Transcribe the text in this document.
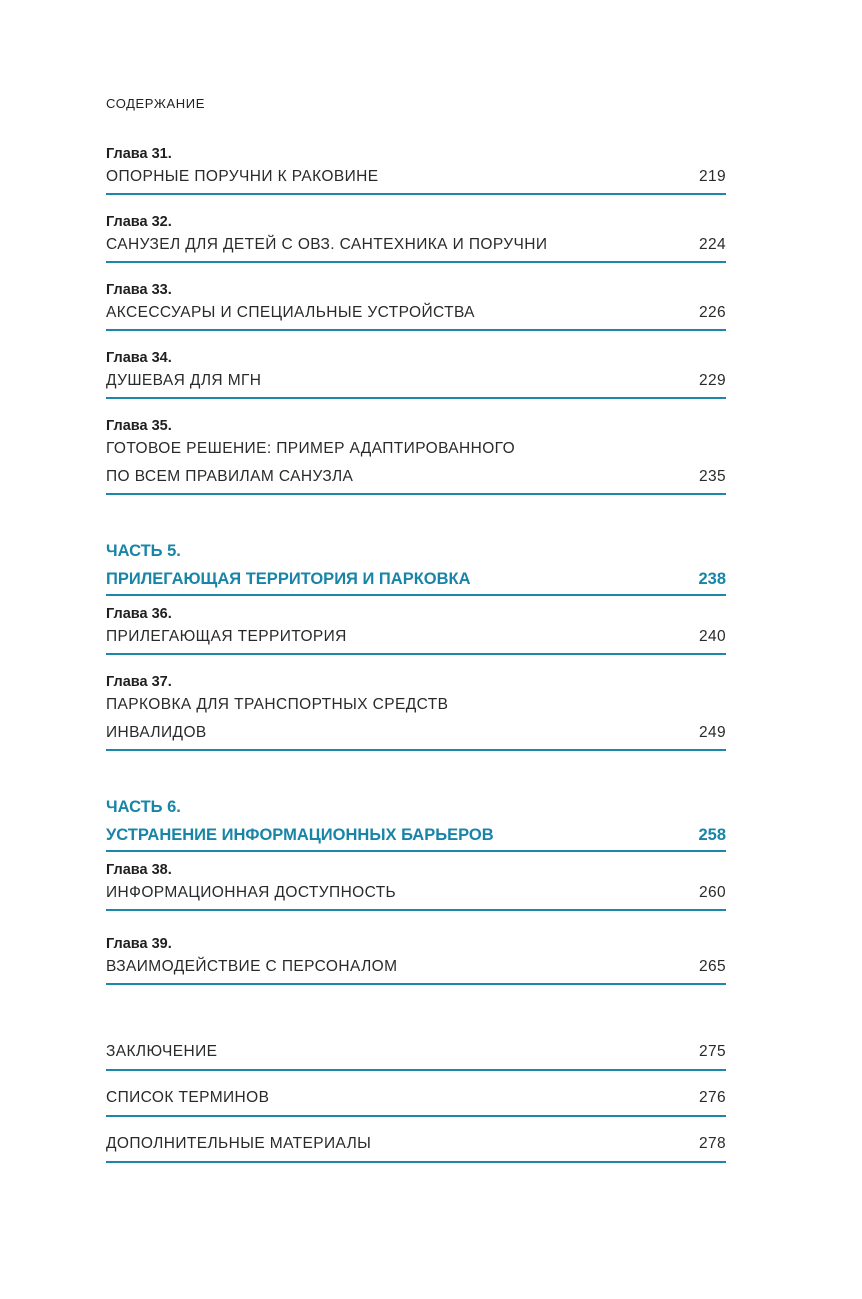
СОДЕРЖАНИЕ
Глава 31.
ОПОРНЫЕ ПОРУЧНИ К РАКОВИНЕ	219
Глава 32.
САНУЗЕЛ ДЛЯ ДЕТЕЙ С ОВЗ. САНТЕХНИКА И ПОРУЧНИ	224
Глава 33.
АКСЕССУАРЫ И СПЕЦИАЛЬНЫЕ УСТРОЙСТВА	226
Глава 34.
ДУШЕВАЯ ДЛЯ МГН	229
Глава 35.
ГОТОВОЕ РЕШЕНИЕ: ПРИМЕР АДАПТИРОВАННОГО
ПО ВСЕМ ПРАВИЛАМ САНУЗЛА	235
ЧАСТЬ 5.
ПРИЛЕГАЮЩАЯ ТЕРРИТОРИЯ И ПАРКОВКА	238
Глава 36.
ПРИЛЕГАЮЩАЯ ТЕРРИТОРИЯ	240
Глава 37.
ПАРКОВКА ДЛЯ ТРАНСПОРТНЫХ СРЕДСТВ
ИНВАЛИДОВ	249
ЧАСТЬ 6.
УСТРАНЕНИЕ ИНФОРМАЦИОННЫХ БАРЬЕРОВ	258
Глава 38.
ИНФОРМАЦИОННАЯ ДОСТУПНОСТЬ	260
Глава 39.
ВЗАИМОДЕЙСТВИЕ С ПЕРСОНАЛОМ	265
ЗАКЛЮЧЕНИЕ	275
СПИСОК ТЕРМИНОВ	276
ДОПОЛНИТЕЛЬНЫЕ МАТЕРИАЛЫ	278
